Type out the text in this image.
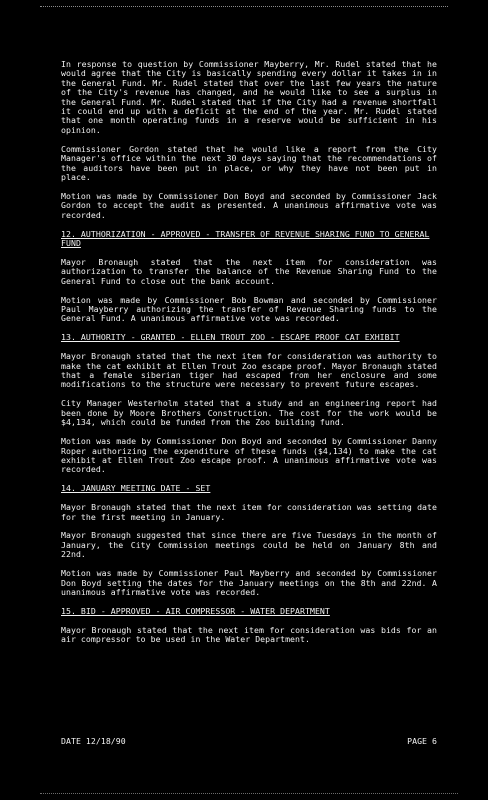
In response to question by Commissioner Mayberry, Mr. Rudel stated that he would agree that the City is basically spending every dollar it takes in in the General Fund. Mr. Rudel stated that over the last few years the nature of the City's revenue has changed, and he would like to see a surplus in the General Fund. Mr. Rudel stated that if the City had a revenue shortfall it could end up with a deficit at the end of the year. Mr. Rudel stated that one month operating funds in a reserve would be sufficient in his opinion.

Commissioner Gordon stated that he would like a report from the City Manager's office within the next 30 days saying that the recommendations of the auditors have been put in place, or why they have not been put in place.

Motion was made by Commissioner Don Boyd and seconded by Commissioner Jack Gordon to accept the audit as presented. A unanimous affirmative vote was recorded.

12. AUTHORIZATION - APPROVED - TRANSFER OF REVENUE SHARING FUND TO GENERAL FUND

Mayor Bronaugh stated that the next item for consideration was authorization to transfer the balance of the Revenue Sharing Fund to the General Fund to close out the bank account.

Motion was made by Commissioner Bob Bowman and seconded by Commissioner Paul Mayberry authorizing the transfer of Revenue Sharing funds to the General Fund. A unanimous affirmative vote was recorded.

13. AUTHORITY - GRANTED - ELLEN TROUT ZOO - ESCAPE PROOF CAT EXHIBIT

Mayor Bronaugh stated that the next item for consideration was authority to make the cat exhibit at Ellen Trout Zoo escape proof. Mayor Bronaugh stated that a female siberian tiger had escaped from her enclosure and some modifications to the structure were necessary to prevent future escapes.

City Manager Westerholm stated that a study and an engineering report had been done by Moore Brothers Construction. The cost for the work would be $4,134, which could be funded from the Zoo building fund.

Motion was made by Commissioner Don Boyd and seconded by Commissioner Danny Roper authorizing the expenditure of these funds ($4,134) to make the cat exhibit at Ellen Trout Zoo escape proof. A unanimous affirmative vote was recorded.

14. JANUARY MEETING DATE - SET

Mayor Bronaugh stated that the next item for consideration was setting date for the first meeting in January.

Mayor Bronaugh suggested that since there are five Tuesdays in the month of January, the City Commission meetings could be held on January 8th and 22nd.

Motion was made by Commissioner Paul Mayberry and seconded by Commissioner Don Boyd setting the dates for the January meetings on the 8th and 22nd. A unanimous affirmative vote was recorded.

15. BID - APPROVED - AIR COMPRESSOR - WATER DEPARTMENT

Mayor Bronaugh stated that the next item for consideration was bids for an air compressor to be used in the Water Department.

DATE 12/18/90	PAGE 6
